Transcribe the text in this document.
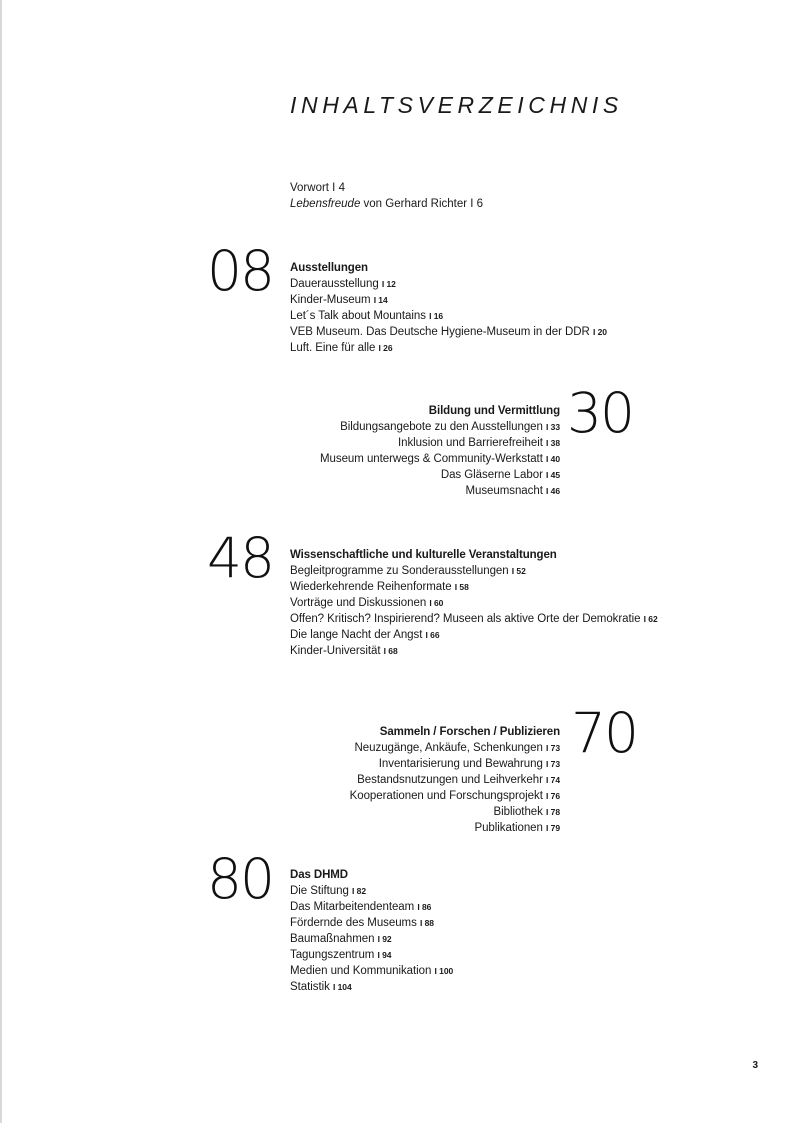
INHALTSVERZEICHNIS
Vorwort I 4
Lebensfreude von Gerhard Richter I 6
08 Ausstellungen
Dauerausstellung I 12
Kinder-Museum I 14
Let´s Talk about Mountains I 16
VEB Museum. Das Deutsche Hygiene-Museum in der DDR I 20
Luft. Eine für alle I 26
Bildung und Vermittlung
Bildungsangebote zu den Ausstellungen I 33
Inklusion und Barrierefreiheit I 38
Museum unterwegs & Community-Werkstatt I 40
Das Gläserne Labor I 45
Museumsnacht I 46
30
48 Wissenschaftliche und kulturelle Veranstaltungen
Begleitprogramme zu Sonderausstellungen I 52
Wiederkehrende Reihenformate I 58
Vorträge und Diskussionen I 60
Offen? Kritisch? Inspirierend? Museen als aktive Orte der Demokratie I 62
Die lange Nacht der Angst I 66
Kinder-Universität I 68
Sammeln / Forschen / Publizieren
Neuzugänge, Ankäufe, Schenkungen I 73
Inventarisierung und Bewahrung I 73
Bestandsnutzungen und Leihverkehr I 74
Kooperationen und Forschungsprojekt I 76
Bibliothek I 78
Publikationen I 79
70
80 Das DHMD
Die Stiftung I 82
Das Mitarbeitendenteam I 86
Fördernde des Museums I 88
Baumaßnahmen I 92
Tagungszentrum I 94
Medien und Kommunikation I 100
Statistik I 104
3
